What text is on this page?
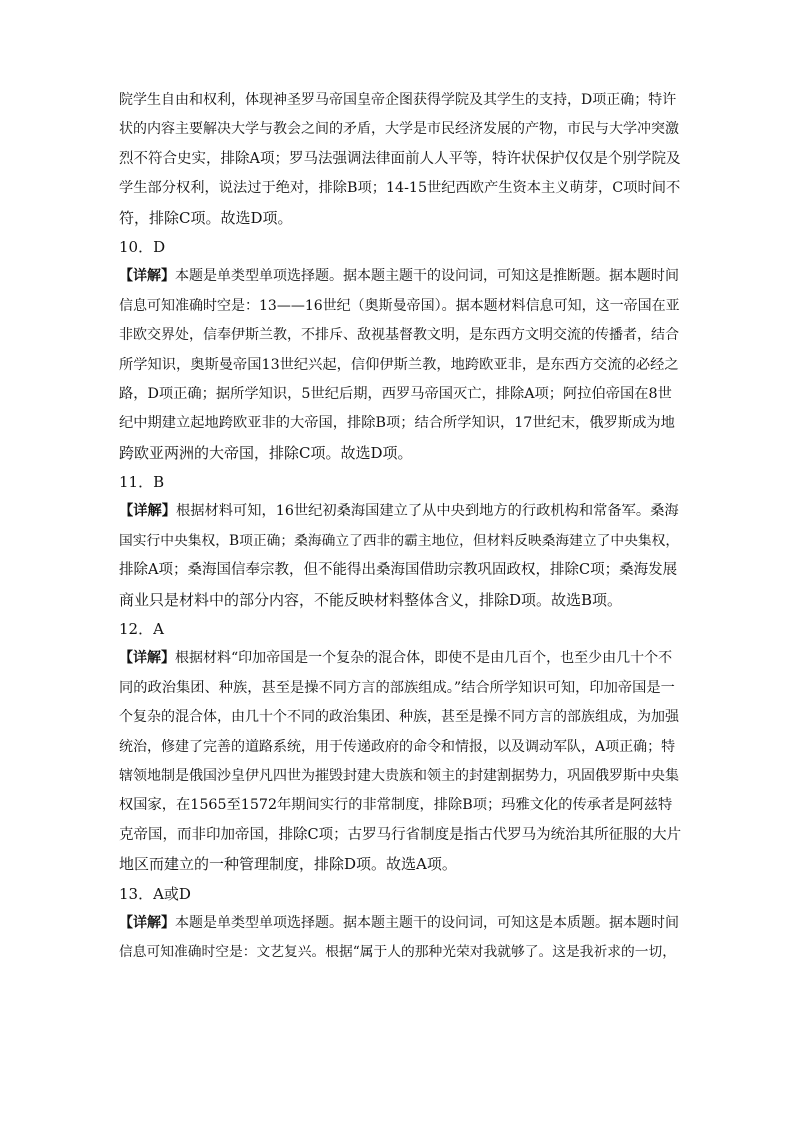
院学生自由和权利，体现神圣罗马帝国皇帝企图获得学院及其学生的支持，D项正确；特许
状的内容主要解决大学与教会之间的矛盾，大学是市民经济发展的产物，市民与大学冲突激
烈不符合史实，排除A项；罗马法强调法律面前人人平等，特许状保护仅仅是个别学院及
学生部分权利，说法过于绝对，排除B项；14-15世纪西欧产生资本主义萌芽，C项时间不
符，排除C项。故选D项。
10．D
【详解】本题是单类型单项选择题。据本题主题干的设问词，可知这是推断题。据本题时间
信息可知准确时空是：13——16世纪（奥斯曼帝国）。据本题材料信息可知，这一帝国在亚
非欧交界处，信奉伊斯兰教，不排斥、敌视基督教文明，是东西方文明交流的传播者，结合
所学知识，奥斯曼帝国13世纪兴起，信仰伊斯兰教，地跨欧亚非，是东西方交流的必经之
路，D项正确；据所学知识，5世纪后期，西罗马帝国灭亡，排除A项；阿拉伯帝国在8世
纪中期建立起地跨欧亚非的大帝国，排除B项；结合所学知识，17世纪末，俄罗斯成为地
跨欧亚两洲的大帝国，排除C项。故选D项。
11．B
【详解】根据材料可知，16世纪初桑海国建立了从中央到地方的行政机构和常备军。桑海
国实行中央集权，B项正确；桑海确立了西非的霸主地位，但材料反映桑海建立了中央集权，
排除A项；桑海国信奉宗教，但不能得出桑海国借助宗教巩固政权，排除C项；桑海发展
商业只是材料中的部分内容，不能反映材料整体含义，排除D项。故选B项。
12．A
【详解】根据材料“印加帝国是一个复杂的混合体，即使不是由几百个，也至少由几十个不
同的政治集团、种族，甚至是操不同方言的部族组成。”结合所学知识可知，印加帝国是一
个复杂的混合体，由几十个不同的政治集团、种族，甚至是操不同方言的部族组成，为加强
统治，修建了完善的道路系统，用于传递政府的命令和情报，以及调动军队，A项正确；特
辖领地制是俄国沙皇伊凡四世为摧毁封建大贵族和领主的封建割据势力，巩固俄罗斯中央集
权国家，在1565至1572年期间实行的非常制度，排除B项；玛雅文化的传承者是阿兹特
克帝国，而非印加帝国，排除C项；古罗马行省制度是指古代罗马为统治其所征服的大片
地区而建立的一种管理制度，排除D项。故选A项。
13．A或D
【详解】本题是单类型单项选择题。据本题主题干的设问词，可知这是本质题。据本题时间
信息可知准确时空是：文艺复兴。根据“属于人的那种光荣对我就够了。这是我祈求的一切，
